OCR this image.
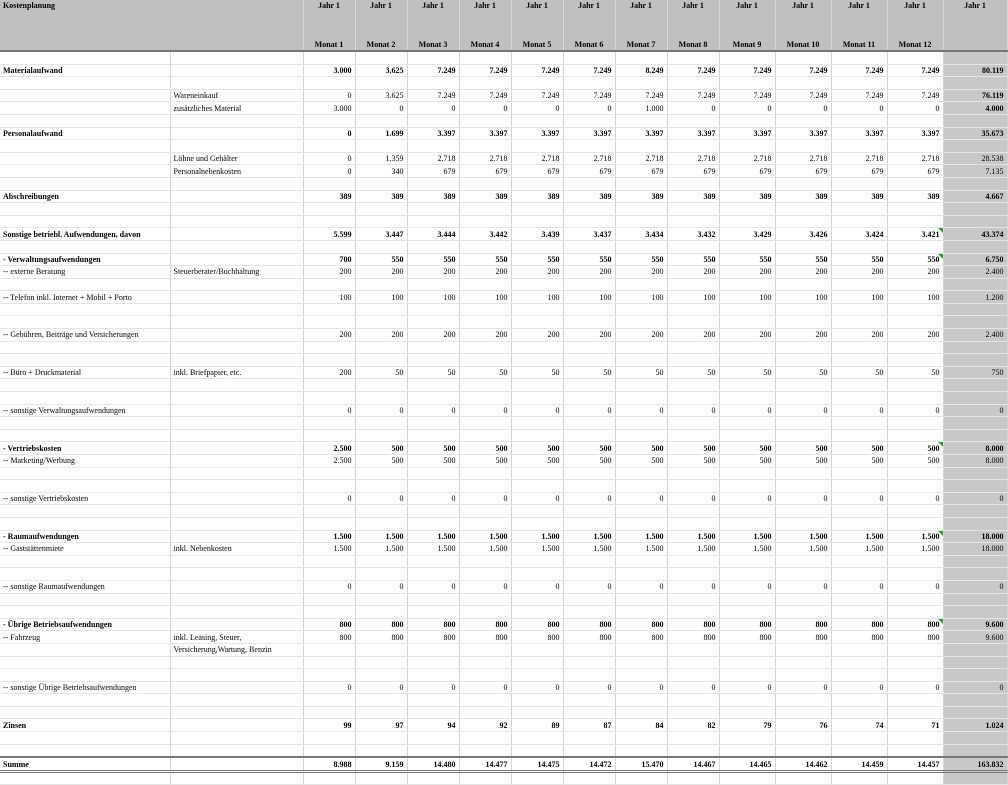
Kostenplanung		Jahr 1	Jahr 1	Jahr 1	Jahr 1	Jahr 1	Jahr 1	Jahr 1	Jahr 1	Jahr 1	Jahr 1	Jahr 1	Jahr 1	Jahr 1
		Monat 1	Monat 2	Monat 3	Monat 4	Monat 5	Monat 6	Monat 7	Monat 8	Monat 9	Monat 10	Monat 11	Monat 12	

Materialaufwand		3.000	3.625	7.249	7.249	7.249	7.249	8.249	7.249	7.249	7.249	7.249	7.249	80.119

	Wareneinkauf	0	3.625	7.249	7.249	7.249	7.249	7.249	7.249	7.249	7.249	7.249	7.249	76.119
	zusätzliches Material	3.000	0	0	0	0	0	1.000	0	0	0	0	0	4.000

Personalaufwand		0	1.699	3.397	3.397	3.397	3.397	3.397	3.397	3.397	3.397	3.397	3.397	35.673

	Löhne und Gehälter	0	1.359	2.718	2.718	2.718	2.718	2.718	2.718	2.718	2.718	2.718	2.718	28.538
	Personalnebenkosten	0	340	679	679	679	679	679	679	679	679	679	679	7.135

Abschreibungen		389	389	389	389	389	389	389	389	389	389	389	389	4.667

Sonstige betriebl. Aufwendungen, davon		5.599	3.447	3.444	3.442	3.439	3.437	3.434	3.432	3.429	3.426	3.424	3.421	43.374

- Verwaltungsaufwendungen		700	550	550	550	550	550	550	550	550	550	550	550	6.750
-- externe Beratung	Steuerberater/Buchhaltung	200	200	200	200	200	200	200	200	200	200	200	200	2.400

-- Telefon inkl. Internet + Mobil + Porto		100	100	100	100	100	100	100	100	100	100	100	100	1.200

-- Gebühren, Beiträge und Versicherungen		200	200	200	200	200	200	200	200	200	200	200	200	2.400

-- Büro + Druckmaterial	inkl. Briefpapier, etc.	200	50	50	50	50	50	50	50	50	50	50	50	750

-- sonstige Verwaltungsaufwendungen		0	0	0	0	0	0	0	0	0	0	0	0	0

- Vertriebskosten		2.500	500	500	500	500	500	500	500	500	500	500	500	8.000
-- Marketing/Werbung		2.500	500	500	500	500	500	500	500	500	500	500	500	8.000

-- sonstige Vertriebskosten		0	0	0	0	0	0	0	0	0	0	0	0	0

- Raumaufwendungen		1.500	1.500	1.500	1.500	1.500	1.500	1.500	1.500	1.500	1.500	1.500	1.500	18.000
-- Gaststättenmiete	inkl. Nebenkosten	1.500	1.500	1.500	1.500	1.500	1.500	1.500	1.500	1.500	1.500	1.500	1.500	18.000

-- sonstige Raumaufwendungen		0	0	0	0	0	0	0	0	0	0	0	0	0

- Übrige Betriebsaufwendungen		800	800	800	800	800	800	800	800	800	800	800	800	9.600
-- Fahrzeug	inkl. Leasing, Steuer,	800	800	800	800	800	800	800	800	800	800	800	800	9.600
	Versicherung,Wartung, Benzin													

-- sonstige Übrige Betriebsaufwendungen		0	0	0	0	0	0	0	0	0	0	0	0	0

Zinsen		99	97	94	92	89	87	84	82	79	76	74	71	1.024

Summe		8.988	9.159	14.480	14.477	14.475	14.472	15.470	14.467	14.465	14.462	14.459	14.457	163.832
